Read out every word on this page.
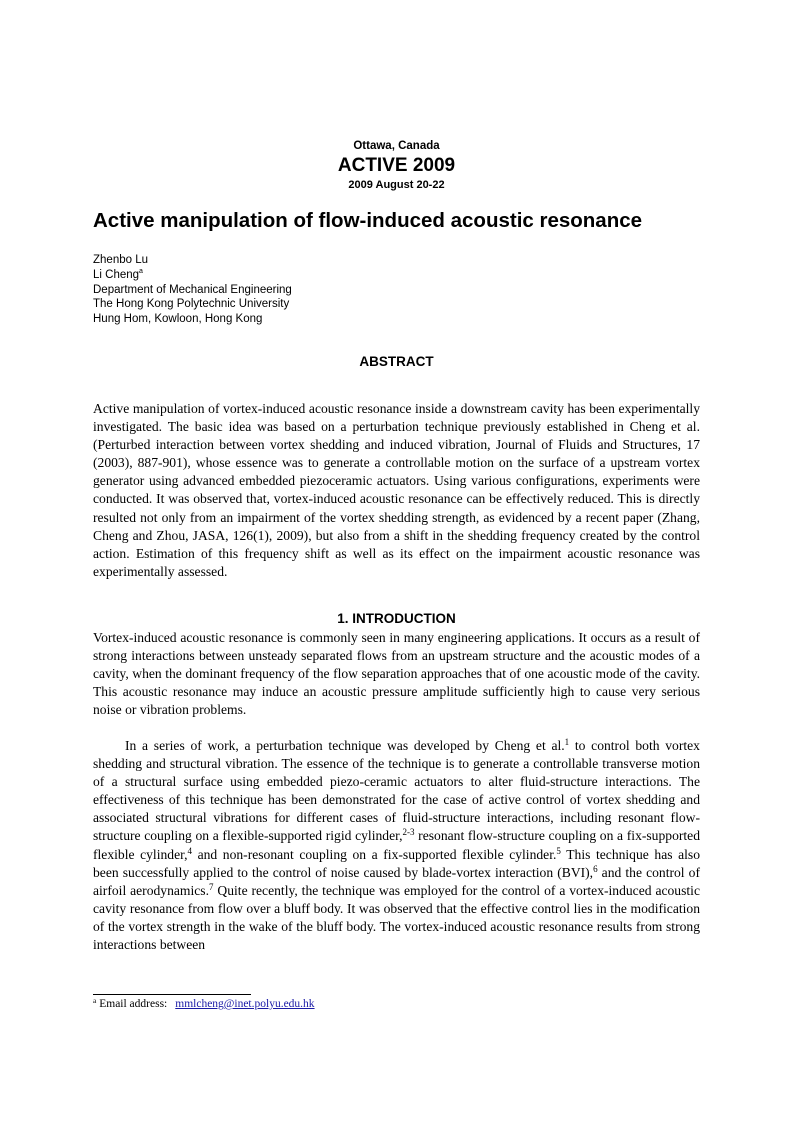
Ottawa, Canada
ACTIVE 2009
2009 August 20-22
Active manipulation of flow-induced acoustic resonance
Zhenbo Lu
Li Cheng$^a$
Department of Mechanical Engineering
The Hong Kong Polytechnic University
Hung Hom, Kowloon, Hong Kong
ABSTRACT

Active manipulation of vortex-induced acoustic resonance inside a downstream cavity has been experimentally investigated. The basic idea was based on a perturbation technique previously established in Cheng et al. (Perturbed interaction between vortex shedding and induced vibration, Journal of Fluids and Structures, 17 (2003), 887-901), whose essence was to generate a controllable motion on the surface of a upstream vortex generator using advanced embedded piezoceramic actuators. Using various configurations, experiments were conducted. It was observed that, vortex-induced acoustic resonance can be effectively reduced. This is directly resulted not only from an impairment of the vortex shedding strength, as evidenced by a recent paper (Zhang, Cheng and Zhou, JASA, 126(1), 2009), but also from a shift in the shedding frequency created by the control action. Estimation of this frequency shift as well as its effect on the impairment acoustic resonance was experimentally assessed.

1. INTRODUCTION

Vortex-induced acoustic resonance is commonly seen in many engineering applications. It occurs as a result of strong interactions between unsteady separated flows from an upstream structure and the acoustic modes of a cavity, when the dominant frequency of the flow separation approaches that of one acoustic mode of the cavity. This acoustic resonance may induce an acoustic pressure amplitude sufficiently high to cause very serious noise or vibration problems.

In a series of work, a perturbation technique was developed by Cheng et al.$^1$ to control both vortex shedding and structural vibration. The essence of the technique is to generate a controllable transverse motion of a structural surface using embedded piezo-ceramic actuators to alter fluid-structure interactions. The effectiveness of this technique has been demonstrated for the case of active control of vortex shedding and associated structural vibrations for different cases of fluid-structure interactions, including resonant flow-structure coupling on a flexible-supported rigid cylinder,$^{2-3}$ resonant flow-structure coupling on a fix-supported flexible cylinder,$^4$ and non-resonant coupling on a fix-supported flexible cylinder.$^5$ This technique has also been successfully applied to the control of noise caused by blade-vortex interaction (BVI),$^6$ and the control of airfoil aerodynamics.$^7$ Quite recently, the technique was employed for the control of a vortex-induced acoustic cavity resonance from flow over a bluff body. It was observed that the effective control lies in the modification of the vortex strength in the wake of the bluff body. The vortex-induced acoustic resonance results from strong interactions between

$^a$ Email address: mmlcheng@inet.polyu.edu.hk
